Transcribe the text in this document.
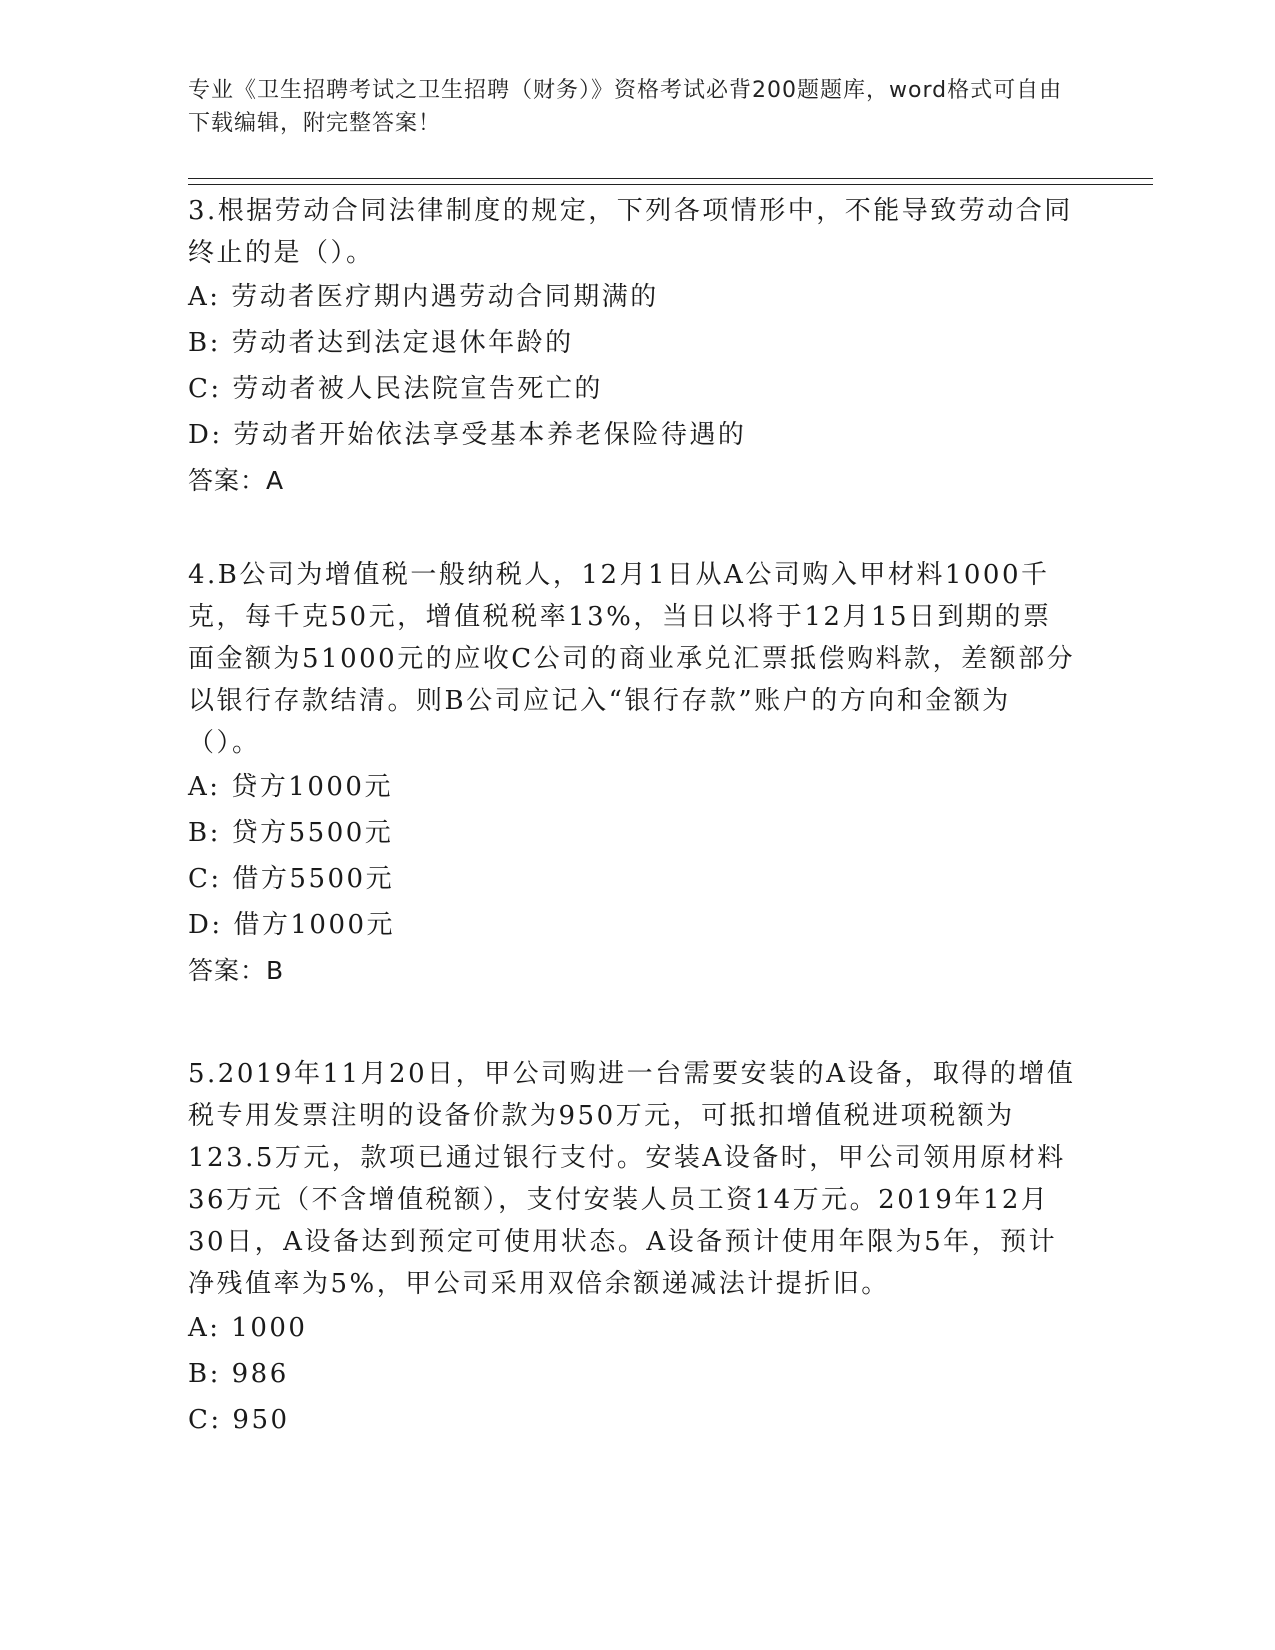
专业《卫生招聘考试之卫生招聘（财务）》资格考试必背200题题库，word格式可自由下载编辑，附完整答案！

3.根据劳动合同法律制度的规定，下列各项情形中，不能导致劳动合同终止的是（）。

A: 劳动者医疗期内遇劳动合同期满的

B: 劳动者达到法定退休年龄的

C: 劳动者被人民法院宣告死亡的

D: 劳动者开始依法享受基本养老保险待遇的

答案：A

4.B公司为增值税一般纳税人，12月1日从A公司购入甲材料1000千克，每千克50元，增值税税率13%，当日以将于12月15日到期的票面金额为51000元的应收C公司的商业承兑汇票抵偿购料款，差额部分以银行存款结清。则B公司应记入“银行存款”账户的方向和金额为（）。

A: 贷方1000元

B: 贷方5500元

C: 借方5500元

D: 借方1000元

答案：B

5.2019年11月20日，甲公司购进一台需要安装的A设备，取得的增值税专用发票注明的设备价款为950万元，可抵扣增值税进项税额为123.5万元，款项已通过银行支付。安装A设备时，甲公司领用原材料36万元（不含增值税额），支付安装人员工资14万元。2019年12月30日，A设备达到预定可使用状态。A设备预计使用年限为5年，预计净残值率为5%，甲公司采用双倍余额递减法计提折旧。

A: 1000

B: 986

C: 950
